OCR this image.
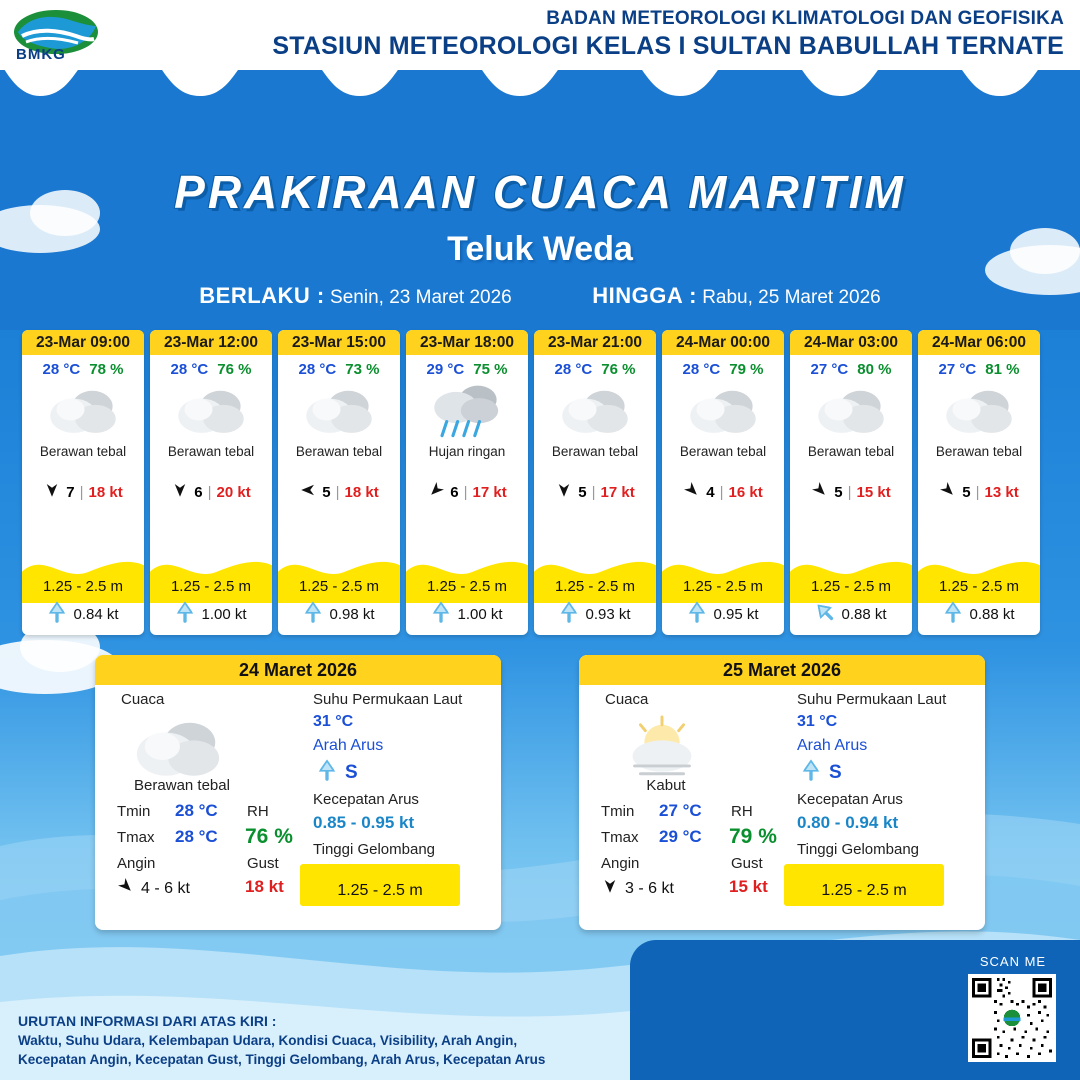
BMKG
BADAN METEOROLOGI KLIMATOLOGI DAN GEOFISIKA
STASIUN METEOROLOGI KELAS I SULTAN BABULLAH TERNATE
PRAKIRAAN CUACA MARITIM
Teluk Weda
BERLAKU : Senin, 23 Maret 2026	HINGGA : Rabu, 25 Maret 2026
23-Mar 09:00
28 °C 78 %
Berawan tebal
7 | 18 kt
1.25 - 2.5 m
0.84 kt
23-Mar 12:00
28 °C 76 %
Berawan tebal
6 | 20 kt
1.25 - 2.5 m
1.00 kt
23-Mar 15:00
28 °C 73 %
Berawan tebal
5 | 18 kt
1.25 - 2.5 m
0.98 kt
23-Mar 18:00
29 °C 75 %
Hujan ringan
6 | 17 kt
1.25 - 2.5 m
1.00 kt
23-Mar 21:00
28 °C 76 %
Berawan tebal
5 | 17 kt
1.25 - 2.5 m
0.93 kt
24-Mar 00:00
28 °C 79 %
Berawan tebal
4 | 16 kt
1.25 - 2.5 m
0.95 kt
24-Mar 03:00
27 °C 80 %
Berawan tebal
5 | 15 kt
1.25 - 2.5 m
0.88 kt
24-Mar 06:00
27 °C 81 %
Berawan tebal
5 | 13 kt
1.25 - 2.5 m
0.88 kt
24 Maret 2026
Cuaca
Berawan tebal
Tmin 28 °C
Tmax 28 °C
Angin
4 - 6 kt
RH
76 %
Gust
18 kt
Suhu Permukaan Laut
31 °C
Arah Arus
S
Kecepatan Arus
0.85 - 0.95 kt
Tinggi Gelombang
1.25 - 2.5 m
25 Maret 2026
Cuaca
Kabut
Tmin 27 °C
Tmax 29 °C
Angin
3 - 6 kt
RH
79 %
Gust
15 kt
Suhu Permukaan Laut
31 °C
Arah Arus
S
Kecepatan Arus
0.80 - 0.94 kt
Tinggi Gelombang
1.25 - 2.5 m
URUTAN INFORMASI DARI ATAS KIRI :
Waktu, Suhu Udara, Kelembapan Udara, Kondisi Cuaca, Visibility, Arah Angin,
Kecepatan Angin, Kecepatan Gust, Tinggi Gelombang, Arah Arus, Kecepatan Arus
SCAN ME
